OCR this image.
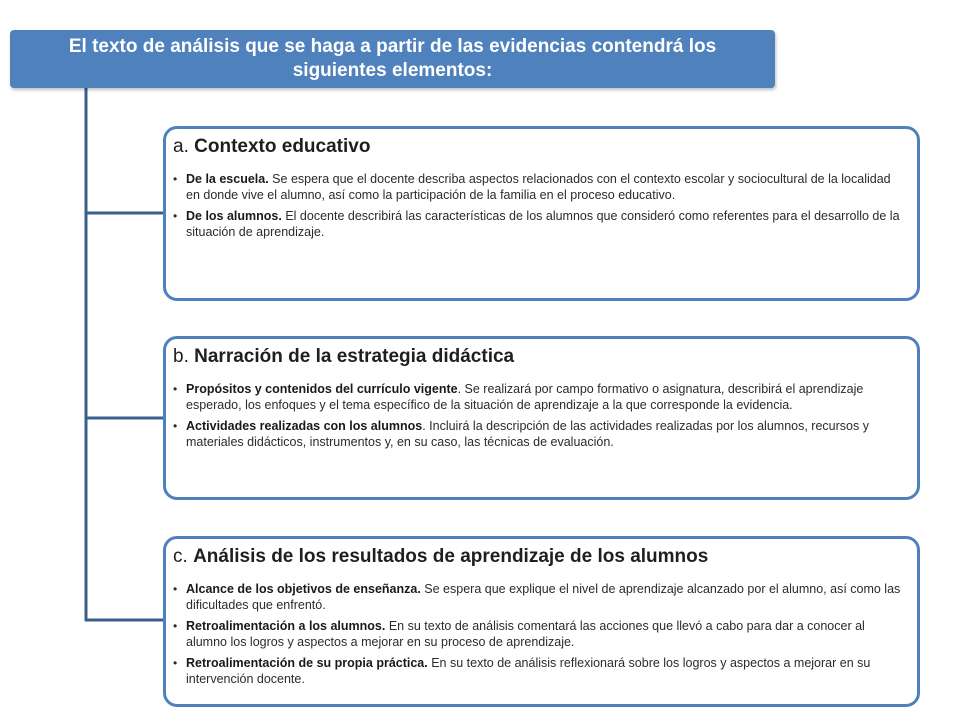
El texto de análisis que se haga a partir de las evidencias contendrá los siguientes elementos:
a. Contexto educativo
• De la escuela. Se espera que el docente describa aspectos relacionados con el contexto escolar y sociocultural de la localidad en donde vive el alumno, así como la participación de la familia en el proceso educativo.
• De los alumnos. El docente describirá las características de los alumnos que consideró como referentes para el desarrollo de la situación de aprendizaje.
b. Narración de la estrategia didáctica
• Propósitos y contenidos del currículo vigente. Se realizará por campo formativo o asignatura, describirá el aprendizaje esperado, los enfoques y el tema específico de la situación de aprendizaje a la que corresponde la evidencia.
• Actividades realizadas con los alumnos. Incluirá la descripción de las actividades realizadas por los alumnos, recursos y materiales didácticos, instrumentos y, en su caso, las técnicas de evaluación.
c. Análisis de los resultados de aprendizaje de los alumnos
• Alcance de los objetivos de enseñanza. Se espera que explique el nivel de aprendizaje alcanzado por el alumno, así como las dificultades que enfrentó.
• Retroalimentación a los alumnos. En su texto de análisis comentará las acciones que llevó a cabo para dar a conocer al alumno los logros y aspectos a mejorar en su proceso de aprendizaje.
• Retroalimentación de su propia práctica. En su texto de análisis reflexionará sobre los logros y aspectos a mejorar en su intervención docente.
